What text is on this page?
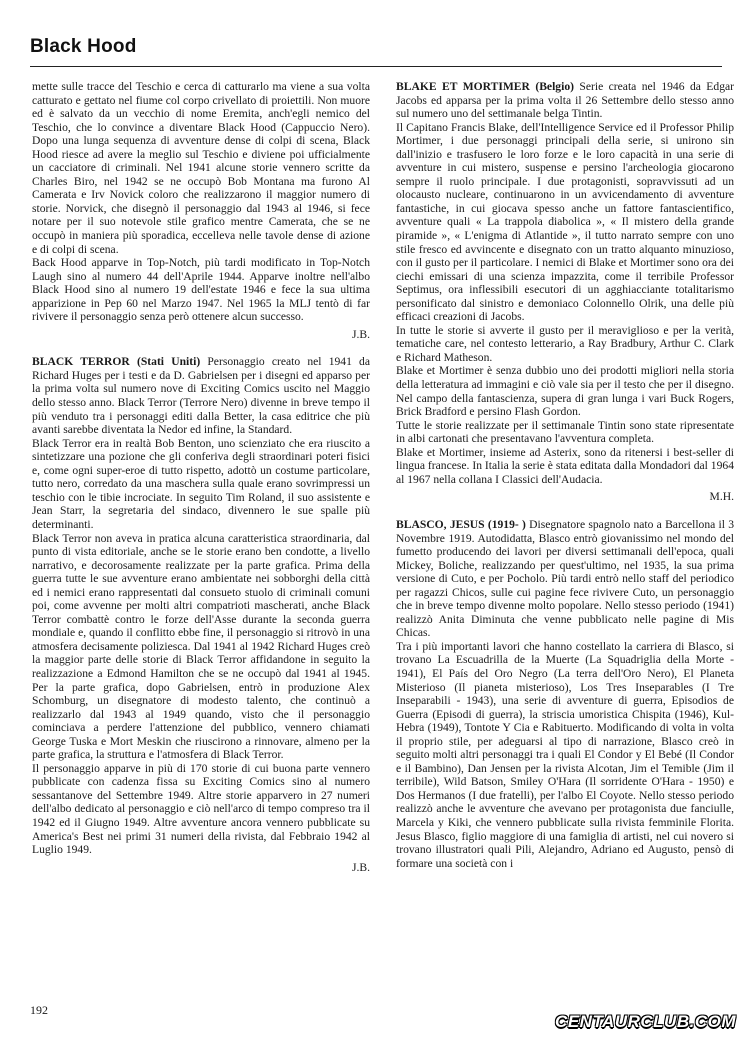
Black Hood

mette sulle tracce del Teschio e cerca di catturarlo ma viene a sua volta catturato e gettato nel fiume col corpo crivellato di proiettili. Non muore ed è salvato da un vecchio di nome Eremita, anch'egli nemico del Teschio, che lo convince a diventare Black Hood (Cappuccio Nero). Dopo una lunga sequenza di avventure dense di colpi di scena, Black Hood riesce ad avere la meglio sul Teschio e diviene poi ufficialmente un cacciatore di criminali. Nel 1941 alcune storie vennero scritte da Charles Biro, nel 1942 se ne occupò Bob Montana ma furono Al Camerata e Irv Novick coloro che realizzarono il maggior numero di storie. Norvick, che disegnò il personaggio dal 1943 al 1946, si fece notare per il suo notevole stile grafico mentre Camerata, che se ne occupò in maniera più sporadica, eccelleva nelle tavole dense di azione e di colpi di scena.

Back Hood apparve in Top-Notch, più tardi modificato in Top-Notch Laugh sino al numero 44 dell'Aprile 1944. Apparve inoltre nell'albo Black Hood sino al numero 19 dell'estate 1946 e fece la sua ultima apparizione in Pep 60 nel Marzo 1947. Nel 1965 la MLJ tentò di far rivivere il personaggio senza però ottenere alcun successo.

J.B.

BLACK TERROR (Stati Uniti) Personaggio creato nel 1941 da Richard Huges per i testi e da D. Gabrielsen per i disegni ed apparso per la prima volta sul numero nove di Exciting Comics uscito nel Maggio dello stesso anno. Black Terror (Terrore Nero) divenne in breve tempo il più venduto tra i personaggi editi dalla Better, la casa editrice che più avanti sarebbe diventata la Nedor ed infine, la Standard.

Black Terror era in realtà Bob Benton, uno scienziato che era riuscito a sintetizzare una pozione che gli conferiva degli straordinari poteri fisici e, come ogni super-eroe di tutto rispetto, adottò un costume particolare, tutto nero, corredato da una maschera sulla quale erano sovrimpressi un teschio con le tibie incrociate. In seguito Tim Roland, il suo assistente e Jean Starr, la segretaria del sindaco, divennero le sue spalle più determinanti.

Black Terror non aveva in pratica alcuna caratteristica straordinaria, dal punto di vista editoriale, anche se le storie erano ben condotte, a livello narrativo, e decorosamente realizzate per la parte grafica. Prima della guerra tutte le sue avventure erano ambientate nei sobborghi della città ed i nemici erano rappresentati dal consueto stuolo di criminali comuni poi, come avvenne per molti altri compatrioti mascherati, anche Black Terror combattè contro le forze dell'Asse durante la seconda guerra mondiale e, quando il conflitto ebbe fine, il personaggio si ritrovò in una atmosfera decisamente poliziesca. Dal 1941 al 1942 Richard Huges creò la maggior parte delle storie di Black Terror affidandone in seguito la realizzazione a Edmond Hamilton che se ne occupò dal 1941 al 1945. Per la parte grafica, dopo Gabrielsen, entrò in produzione Alex Schomburg, un disegnatore di modesto talento, che continuò a realizzarlo dal 1943 al 1949 quando, visto che il personaggio cominciava a perdere l'attenzione del pubblico, vennero chiamati George Tuska e Mort Meskin che riuscirono a rinnovare, almeno per la parte grafica, la struttura e l'atmosfera di Black Terror.

Il personaggio apparve in più di 170 storie di cui buona parte vennero pubblicate con cadenza fissa su Exciting Comics sino al numero sessantanove del Settembre 1949. Altre storie apparvero in 27 numeri dell'albo dedicato al personaggio e ciò nell'arco di tempo compreso tra il 1942 ed il Giugno 1949. Altre avventure ancora vennero pubblicate su America's Best nei primi 31 numeri della rivista, dal Febbraio 1942 al Luglio 1949.

J.B.

BLAKE ET MORTIMER (Belgio) Serie creata nel 1946 da Edgar Jacobs ed apparsa per la prima volta il 26 Settembre dello stesso anno sul numero uno del settimanale belga Tintin.

Il Capitano Francis Blake, dell'Intelligence Service ed il Professor Philip Mortimer, i due personaggi principali della serie, si unirono sin dall'inizio e trasfusero le loro forze e le loro capacità in una serie di avventure in cui mistero, suspense e persino l'archeologia giocarono sempre il ruolo principale. I due protagonisti, sopravvissuti ad un olocausto nucleare, continuarono in un avvicendamento di avventure fantastiche, in cui giocava spesso anche un fattore fantascientifico, avventure quali « La trappola diabolica », « Il mistero della grande piramide », « L'enigma di Atlantide », il tutto narrato sempre con uno stile fresco ed avvincente e disegnato con un tratto alquanto minuzioso, con il gusto per il particolare. I nemici di Blake et Mortimer sono ora dei ciechi emissari di una scienza impazzita, come il terribile Professor Septimus, ora inflessibili esecutori di un agghiacciante totalitarismo personificato dal sinistro e demoniaco Colonnello Olrik, una delle più efficaci creazioni di Jacobs.

In tutte le storie si avverte il gusto per il meraviglioso e per la verità, tematiche care, nel contesto letterario, a Ray Bradbury, Arthur C. Clark e Richard Matheson.

Blake et Mortimer è senza dubbio uno dei prodotti migliori nella storia della letteratura ad immagini e ciò vale sia per il testo che per il disegno. Nel campo della fantascienza, supera di gran lunga i vari Buck Rogers, Brick Bradford e persino Flash Gordon.

Tutte le storie realizzate per il settimanale Tintin sono state ripresentate in albi cartonati che presentavano l'avventura completa.

Blake et Mortimer, insieme ad Asterix, sono da ritenersi i best-seller di lingua francese. In Italia la serie è stata editata dalla Mondadori dal 1964 al 1967 nella collana I Classici dell'Audacia.

M.H.

BLASCO, JESUS (1919- ) Disegnatore spagnolo nato a Barcellona il 3 Novembre 1919. Autodidatta, Blasco entrò giovanissimo nel mondo del fumetto producendo dei lavori per diversi settimanali dell'epoca, quali Mickey, Boliche, realizzando per quest'ultimo, nel 1935, la sua prima versione di Cuto, e per Pocholo. Più tardi entrò nello staff del periodico per ragazzi Chicos, sulle cui pagine fece rivivere Cuto, un personaggio che in breve tempo divenne molto popolare. Nello stesso periodo (1941) realizzò Anita Diminuta che venne pubblicato nelle pagine di Mis Chicas.

Tra i più importanti lavori che hanno costellato la carriera di Blasco, si trovano La Escuadrilla de la Muerte (La Squadriglia della Morte - 1941), El País del Oro Negro (La terra dell'Oro Nero), El Planeta Misterioso (Il pianeta misterioso), Los Tres Inseparables (I Tre Inseparabili - 1943), una serie di avventure di guerra, Episodios de Guerra (Episodi di guerra), la striscia umoristica Chispita (1946), Kul-Hebra (1949), Tontote Y Cia e Rabituerto. Modificando di volta in volta il proprio stile, per adeguarsi al tipo di narrazione, Blasco creò in seguito molti altri personaggi tra i quali El Condor y El Bebé (Il Condor e il Bambino), Dan Jensen per la rivista Alcotan, Jim el Temible (Jim il terribile), Wild Batson, Smiley O'Hara (Il sorridente O'Hara - 1950) e Dos Hermanos (I due fratelli), per l'albo El Coyote. Nello stesso periodo realizzò anche le avventure che avevano per protagonista due fanciulle, Marcela y Kiki, che vennero pubblicate sulla rivista femminile Florita. Jesus Blasco, figlio maggiore di una famiglia di artisti, nel cui novero si trovano illustratori quali Pili, Alejandro, Adriano ed Augusto, pensò di formare una società con i

192
CENTAURCLUB.COM
